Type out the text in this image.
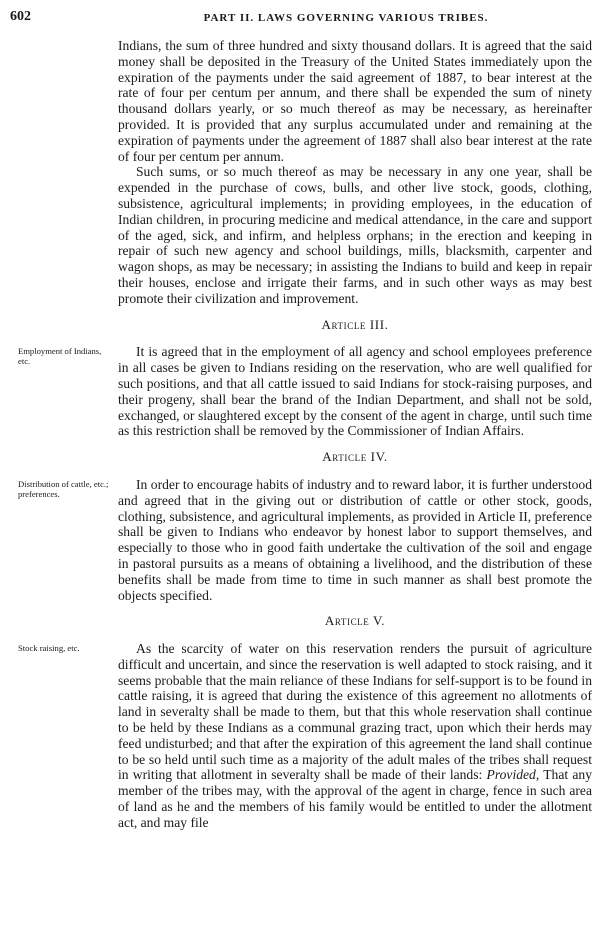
602	PART II. LAWS GOVERNING VARIOUS TRIBES.

Indians, the sum of three hundred and sixty thousand dollars. It is agreed that the said money shall be deposited in the Treasury of the United States immediately upon the expiration of the payments under the said agreement of 1887, to bear interest at the rate of four per centum per annum, and there shall be expended the sum of ninety thousand dollars yearly, or so much thereof as may be necessary, as hereinafter provided. It is provided that any surplus accumulated under and remaining at the expiration of payments under the agreement of 1887 shall also bear interest at the rate of four per centum per annum.

Such sums, or so much thereof as may be necessary in any one year, shall be expended in the purchase of cows, bulls, and other live stock, goods, clothing, subsistence, agricultural implements; in providing employees, in the education of Indian children, in procuring medicine and medical attendance, in the care and support of the aged, sick, and infirm, and helpless orphans; in the erection and keeping in repair of such new agency and school buildings, mills, blacksmith, carpenter and wagon shops, as may be necessary; in assisting the Indians to build and keep in repair their houses, enclose and irrigate their farms, and in such other ways as may best promote their civilization and improvement.

Article III.
Employment of Indians, etc.

It is agreed that in the employment of all agency and school employees preference in all cases be given to Indians residing on the reservation, who are well qualified for such positions, and that all cattle issued to said Indians for stock-raising purposes, and their progeny, shall bear the brand of the Indian Department, and shall not be sold, exchanged, or slaughtered except by the consent of the agent in charge, until such time as this restriction shall be removed by the Commissioner of Indian Affairs.

Article IV.
Distribution of cattle, etc.; preferences.

In order to encourage habits of industry and to reward labor, it is further understood and agreed that in the giving out or distribution of cattle or other stock, goods, clothing, subsistence, and agricultural implements, as provided in Article II, preference shall be given to Indians who endeavor by honest labor to support themselves, and especially to those who in good faith undertake the cultivation of the soil and engage in pastoral pursuits as a means of obtaining a livelihood, and the distribution of these benefits shall be made from time to time in such manner as shall best promote the objects specified.

Article V.
Stock raising, etc.	As the scarcity of water on this reservation renders the pursuit of agriculture difficult and uncertain, and since the reservation is well adapted to stock raising, and it seems probable that the main reliance of these Indians for self-support is to be found in cattle raising, it is agreed that during the existence of this agreement no allotments of land in severalty shall be made to them, but that this whole reservation shall continue to be held by these Indians as a communal grazing tract, upon which their herds may feed undisturbed; and that after the expiration of this agreement the land shall continue to be so held until such time as a majority of the adult males of the tribes shall request in writing that allotment in severalty shall be made of their lands: Provided, That any member of the tribes may, with the approval of the agent in charge, fence in such area of land as he and the members of his family would be entitled to under the allotment act, and may file
